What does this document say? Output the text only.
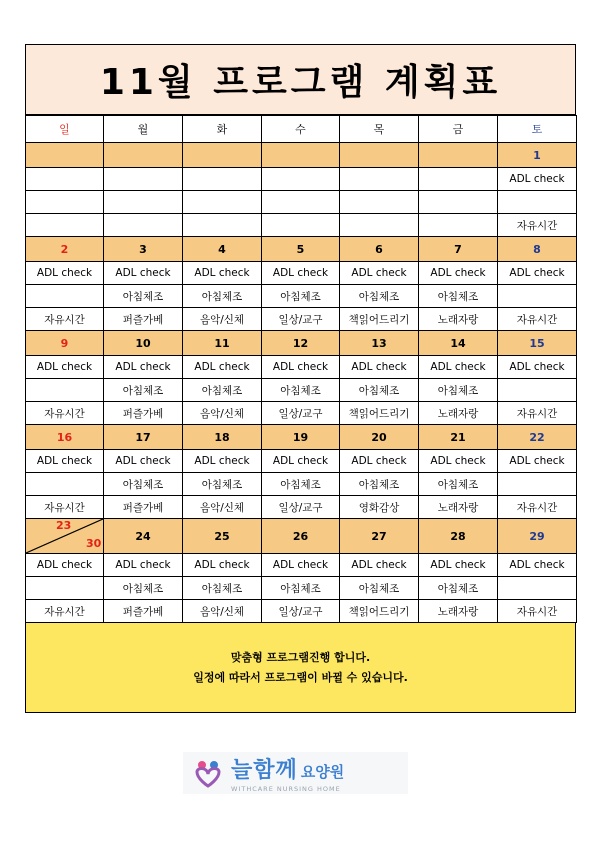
11월 프로그램 계획표
일	월	화	수	목	금	토
						1
						ADL check

						자유시간
2	3	4	5	6	7	8
ADL check	ADL check	ADL check	ADL check	ADL check	ADL check	ADL check
	아침체조	아침체조	아침체조	아침체조	아침체조	
자유시간	퍼즐가베	음악/신체	일상/교구	책읽어드리기	노래자랑	자유시간
9	10	11	12	13	14	15
ADL check	ADL check	ADL check	ADL check	ADL check	ADL check	ADL check
	아침체조	아침체조	아침체조	아침체조	아침체조	
자유시간	퍼즐가베	음악/신체	일상/교구	책읽어드리기	노래자랑	자유시간
16	17	18	19	20	21	22
ADL check	ADL check	ADL check	ADL check	ADL check	ADL check	ADL check
	아침체조	아침체조	아침체조	아침체조	아침체조	
자유시간	퍼즐가베	음악/신체	일상/교구	영화감상	노래자랑	자유시간

23
30	24	25	26	27	28	29
ADL check	ADL check	ADL check	ADL check	ADL check	ADL check	ADL check
	아침체조	아침체조	아침체조	아침체조	아침체조	
자유시간	퍼즐가베	음악/신체	일상/교구	책읽어드리기	노래자랑	자유시간
맞춤형 프로그램진행 합니다.
일정에 따라서 프로그램이 바뀔 수 있습니다.
늘함께 요양원
WITHCARE NURSING HOME
